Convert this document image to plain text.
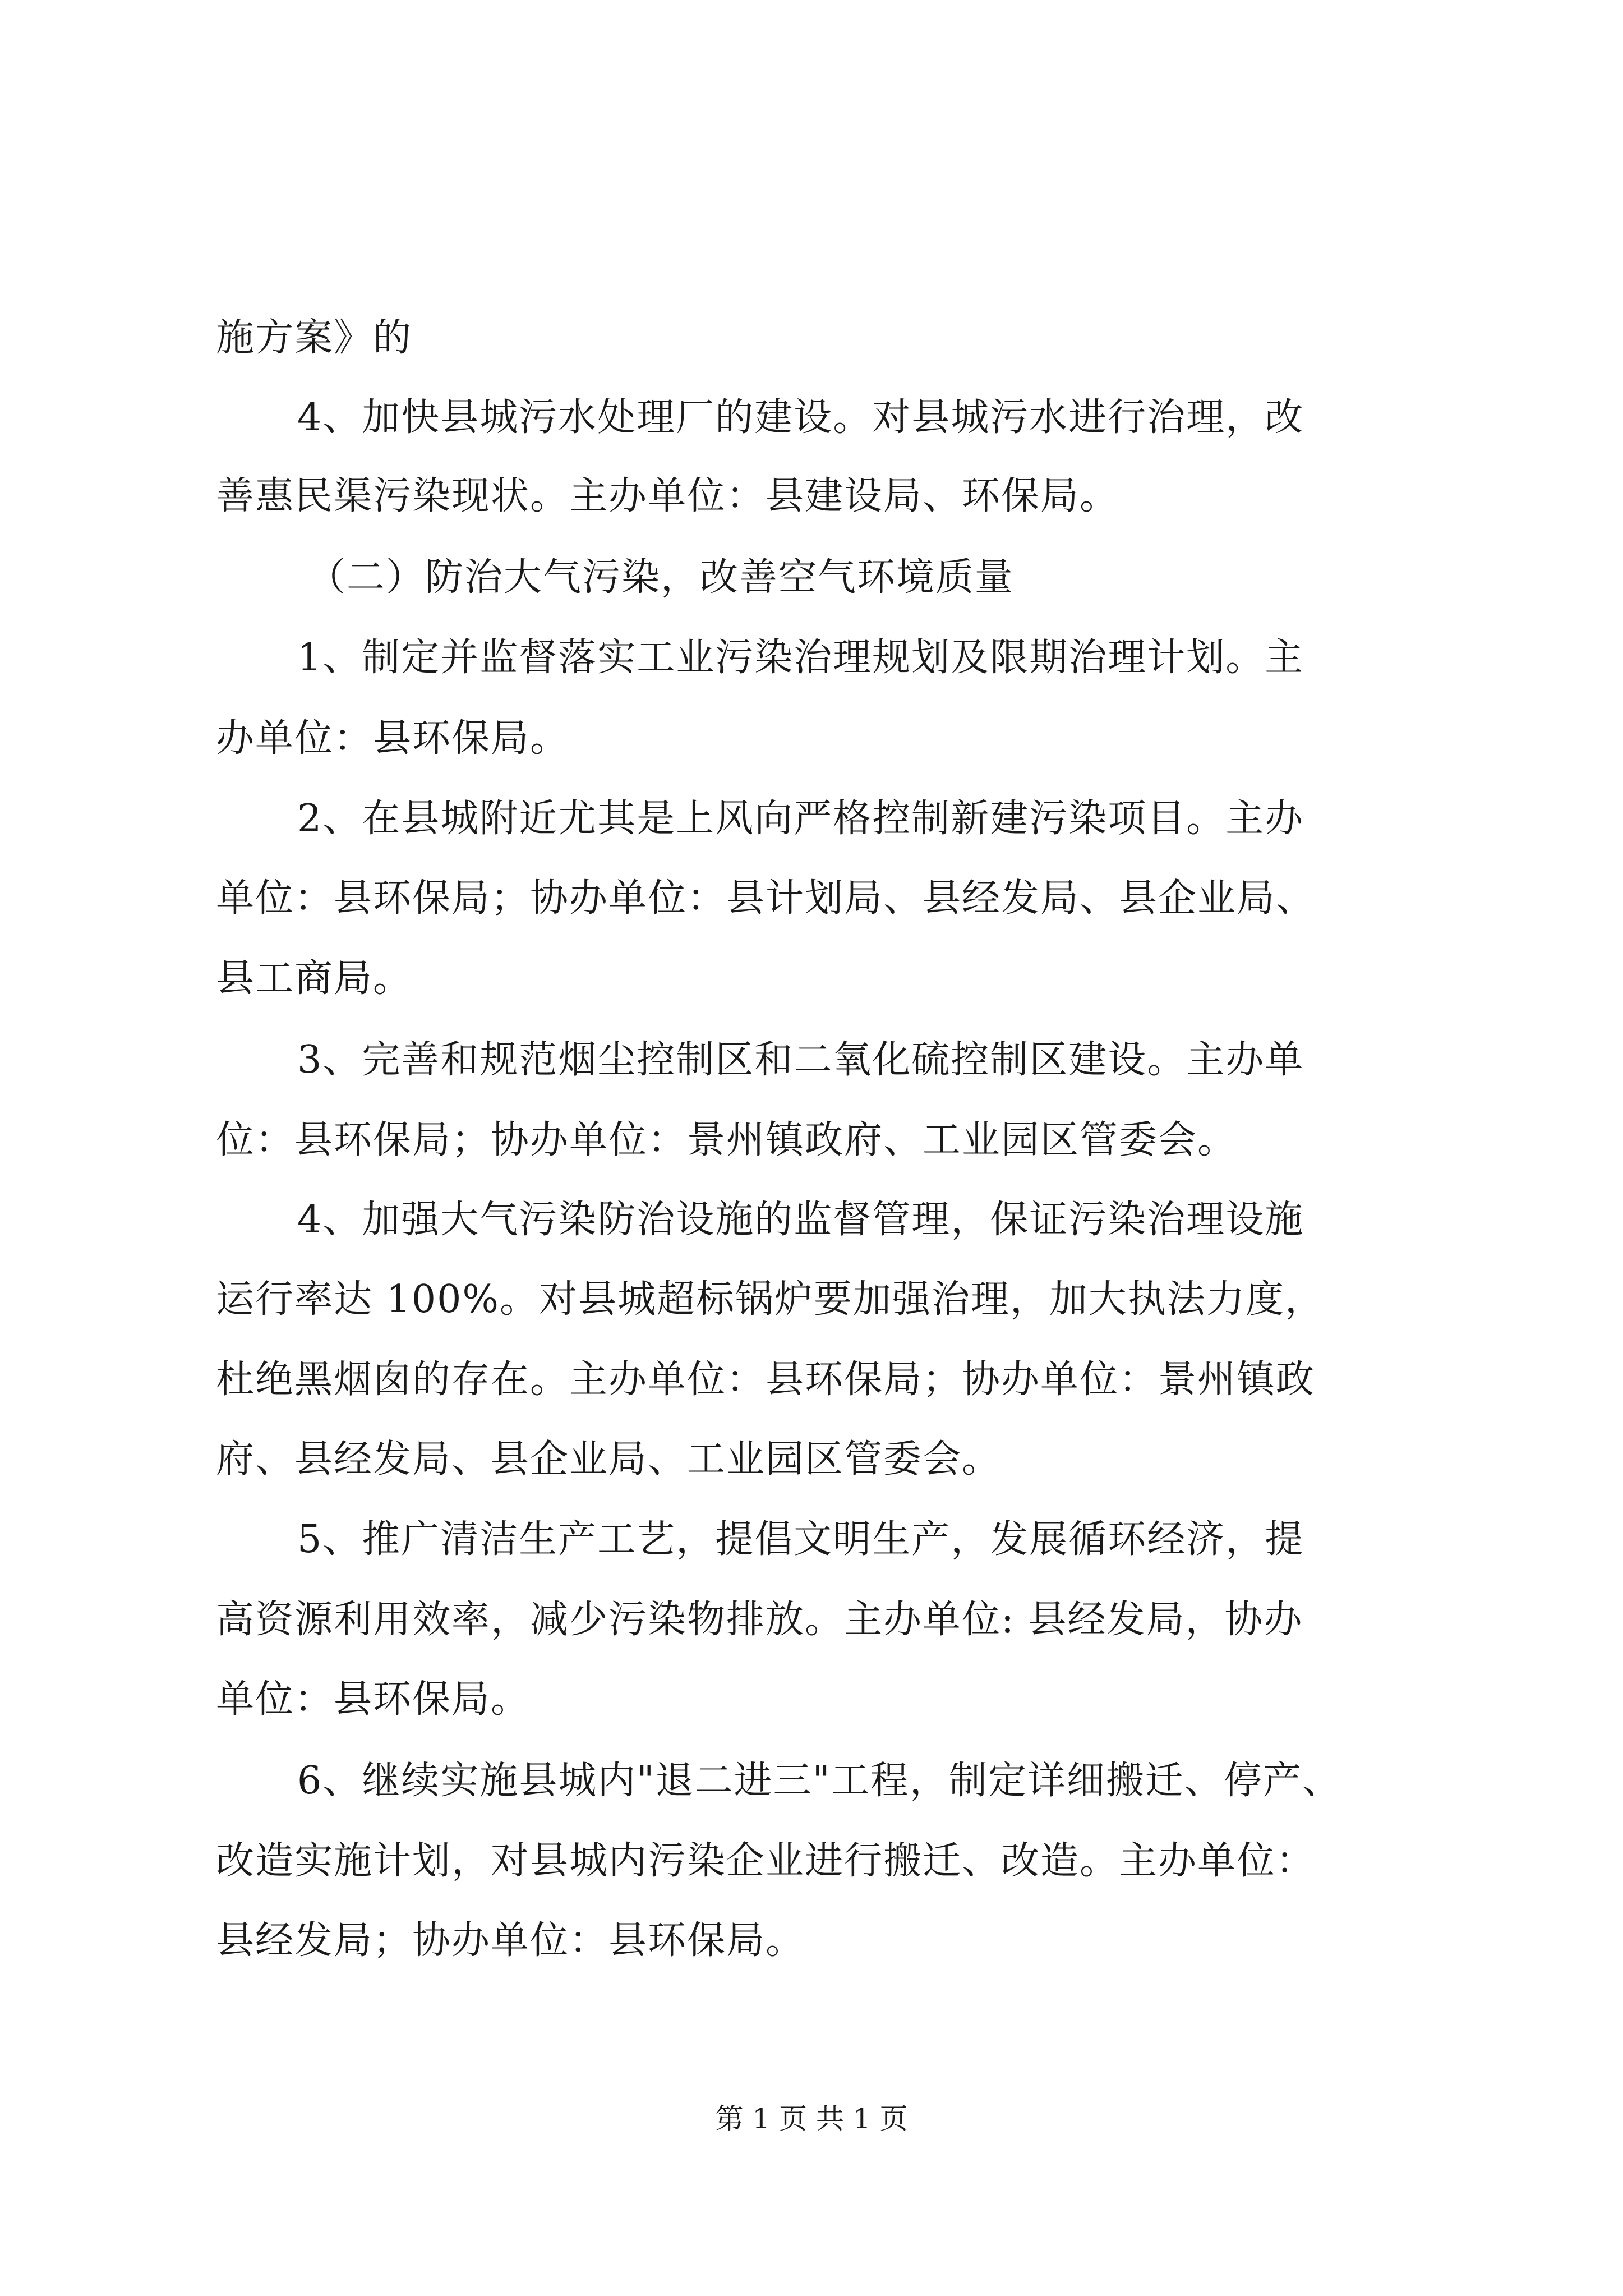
施方案》的
4、加快县城污水处理厂的建设。对县城污水进行治理，改
善惠民渠污染现状。主办单位：县建设局、环保局。
（二）防治大气污染，改善空气环境质量
1、制定并监督落实工业污染治理规划及限期治理计划。主
办单位：县环保局。
2、在县城附近尤其是上风向严格控制新建污染项目。主办
单位：县环保局；协办单位：县计划局、县经发局、县企业局、
县工商局。
3、完善和规范烟尘控制区和二氧化硫控制区建设。主办单
位：县环保局；协办单位：景州镇政府、工业园区管委会。
4、加强大气污染防治设施的监督管理，保证污染治理设施
运行率达 100%。对县城超标锅炉要加强治理，加大执法力度，
杜绝黑烟囱的存在。主办单位：县环保局；协办单位：景州镇政
府、县经发局、县企业局、工业园区管委会。
5、推广清洁生产工艺，提倡文明生产，发展循环经济，提
高资源利用效率，减少污染物排放。主办单位: 县经发局，协办
单位：县环保局。
6、继续实施县城内"退二进三"工程，制定详细搬迁、停产、
改造实施计划，对县城内污染企业进行搬迁、改造。主办单位：
县经发局；协办单位：县环保局。
第 1 页 共 1 页
